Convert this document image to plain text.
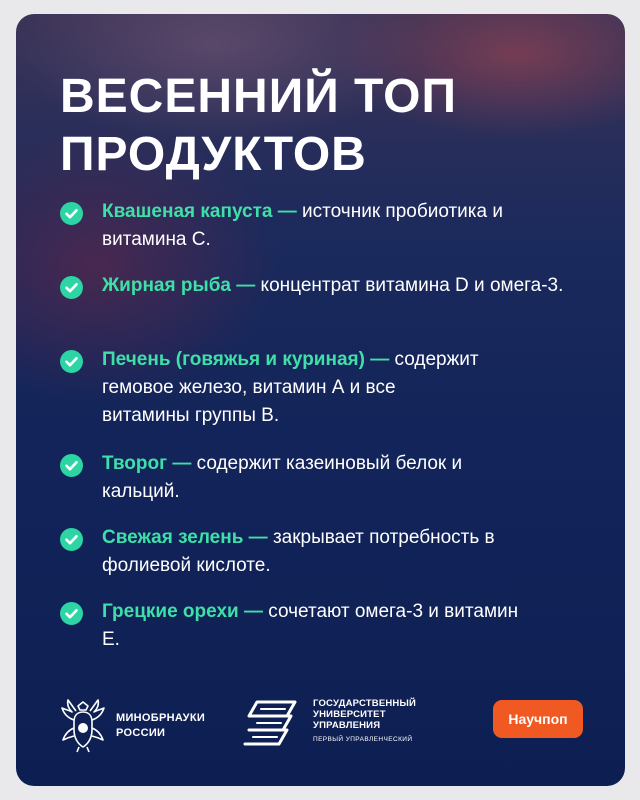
ВЕСЕННИЙ ТОП
ПРОДУКТОВ

Квашеная капуста — источник пробиотика и витамина С.

Жирная рыба — концентрат витамина D и омега-3.

Печень (говяжья и куриная) — содержит гемовое железо, витамин А и все витамины группы В.

Творог — содержит казеиновый белок и кальций.

Свежая зелень — закрывает потребность в фолиевой кислоте.

Грецкие орехи — сочетают омега-3 и витамин Е.

МИНОБРНАУКИ
РОССИИ
ГОСУДАРСТВЕННЫЙ
УНИВЕРСИТЕТ
УПРАВЛЕНИЯ
ПЕРВЫЙ УПРАВЛЕНЧЕСКИЙ
Научпоп
